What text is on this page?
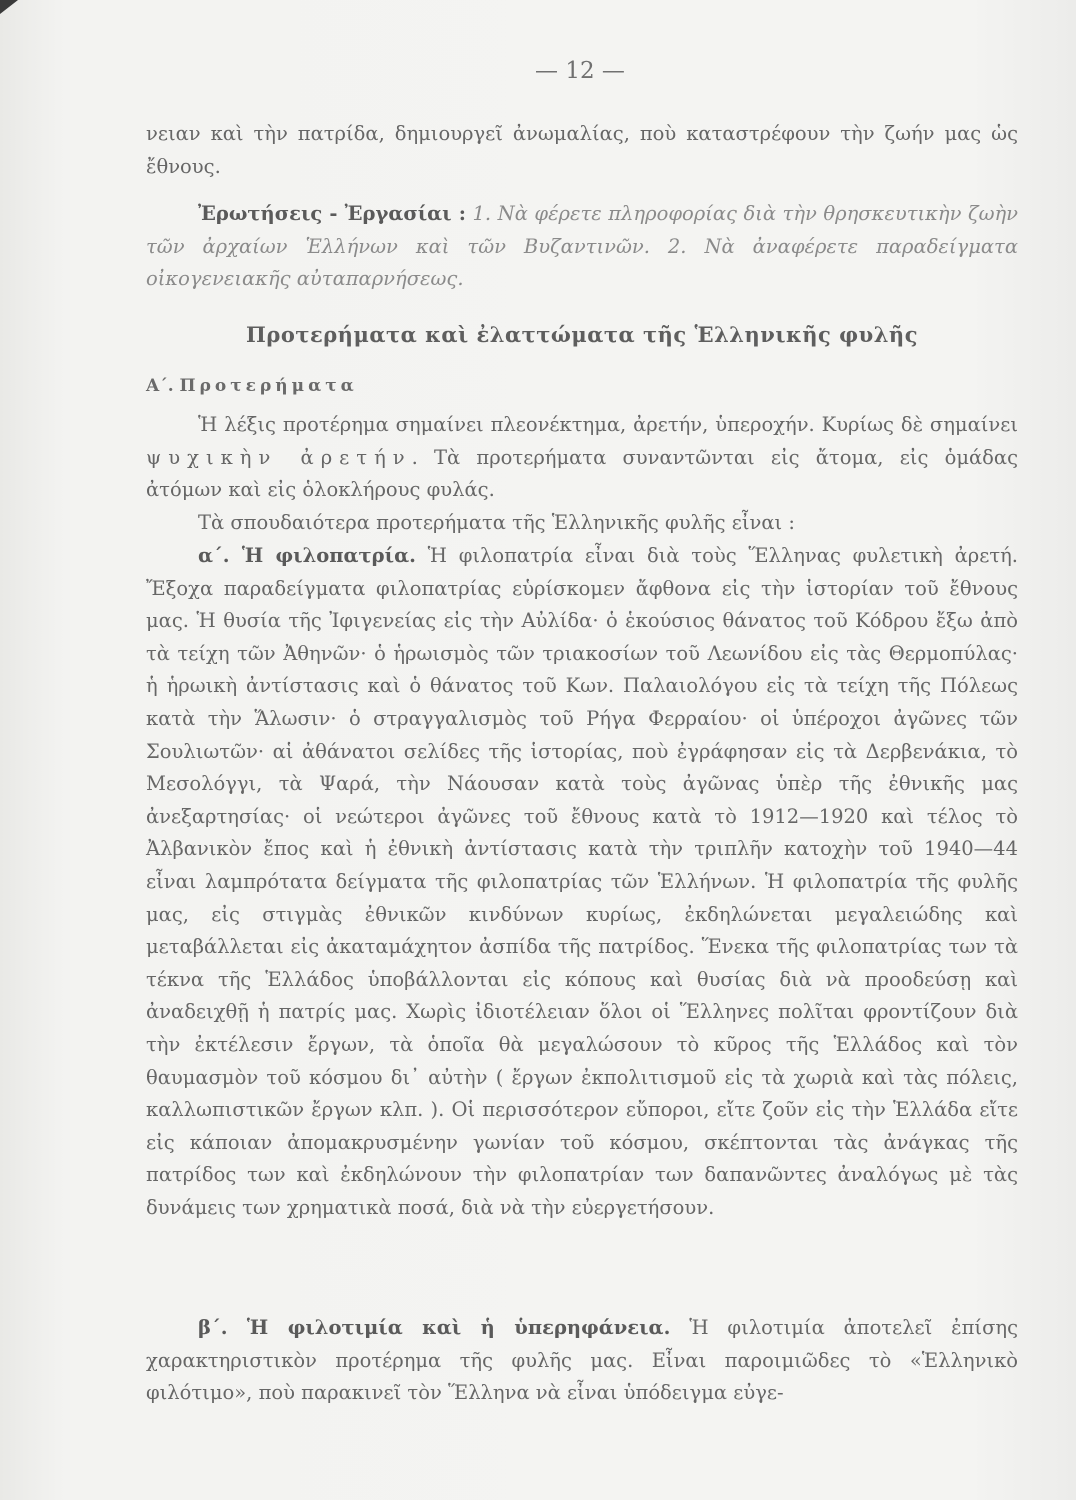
— 12 —

νειαν καὶ τὴν πατρίδα, δημιουργεῖ ἀνωμαλίας, ποὺ καταστρέφουν τὴν ζωήν μας ὡς ἔθνους.

Ἐρωτήσεις - Ἐργασίαι : 1. Νὰ φέρετε πληροφορίας διὰ τὴν θρησκευτικὴν ζωὴν τῶν ἀρχαίων Ἑλλήνων καὶ τῶν Βυζαντινῶν. 2. Νὰ ἀναφέρετε παραδείγματα οἰκογενειακῆς αὐταπαρνήσεως.

Προτερήματα καὶ ἐλαττώματα τῆς Ἑλληνικῆς φυλῆς
Α΄. Προτερήματα

Ἡ λέξις προτέρημα σημαίνει πλεονέκτημα, ἀρετήν, ὑπεροχήν. Κυρίως δὲ σημαίνει ψυχικὴν ἀρετήν. Τὰ προτερήματα συναντῶνται εἰς ἄτομα, εἰς ὁμάδας ἀτόμων καὶ εἰς ὁλοκλήρους φυλάς.

Τὰ σπουδαιότερα προτερήματα τῆς Ἑλληνικῆς φυλῆς εἶναι :

α΄. Ἡ φιλοπατρία. Ἡ φιλοπατρία εἶναι διὰ τοὺς Ἕλληνας φυλετικὴ ἀρετή. Ἔξοχα παραδείγματα φιλοπατρίας εὑρίσκομεν ἄφθονα εἰς τὴν ἱστορίαν τοῦ ἔθνους μας. Ἡ θυσία τῆς Ἰφιγενείας εἰς τὴν Αὐλίδα· ὁ ἑκούσιος θάνατος τοῦ Κόδρου ἔξω ἀπὸ τὰ τείχη τῶν Ἀθηνῶν· ὁ ἡρωισμὸς τῶν τριακοσίων τοῦ Λεωνίδου εἰς τὰς Θερμοπύλας· ἡ ἡρωικὴ ἀντίστασις καὶ ὁ θάνατος τοῦ Κων. Παλαιολόγου εἰς τὰ τείχη τῆς Πόλεως κατὰ τὴν Ἅλωσιν· ὁ στραγγαλισμὸς τοῦ Ρήγα Φερραίου· οἱ ὑπέροχοι ἀγῶνες τῶν Σουλιωτῶν· αἱ ἀθάνατοι σελίδες τῆς ἱστορίας, ποὺ ἐγράφησαν εἰς τὰ Δερβενάκια, τὸ Μεσολόγγι, τὰ Ψαρά, τὴν Νάουσαν κατὰ τοὺς ἀγῶνας ὑπὲρ τῆς ἐθνικῆς μας ἀνεξαρτησίας· οἱ νεώτεροι ἀγῶνες τοῦ ἔθνους κατὰ τὸ 1912—1920 καὶ τέλος τὸ Ἀλβανικὸν ἔπος καὶ ἡ ἐθνικὴ ἀντίστασις κατὰ τὴν τριπλῆν κατοχὴν τοῦ 1940—44 εἶναι λαμπρότατα δείγματα τῆς φιλοπατρίας τῶν Ἑλλήνων. Ἡ φιλοπατρία τῆς φυλῆς μας, εἰς στιγμὰς ἐθνικῶν κινδύνων κυρίως, ἐκδηλώνεται μεγαλειώδης καὶ μεταβάλλεται εἰς ἀκαταμάχητον ἀσπίδα τῆς πατρίδος. Ἕνεκα τῆς φιλοπατρίας των τὰ τέκνα τῆς Ἑλλάδος ὑποβάλλονται εἰς κόπους καὶ θυσίας διὰ νὰ προοδεύσῃ καὶ ἀναδειχθῇ ἡ πατρίς μας. Χωρὶς ἰδιοτέλειαν ὅλοι οἱ Ἕλληνες πολῖται φροντίζουν διὰ τὴν ἐκτέλεσιν ἔργων, τὰ ὁποῖα θὰ μεγαλώσουν τὸ κῦρος τῆς Ἑλλάδος καὶ τὸν θαυμασμὸν τοῦ κόσμου δι᾽ αὐτὴν ( ἔργων ἐκπολιτισμοῦ εἰς τὰ χωριὰ καὶ τὰς πόλεις, καλλωπιστικῶν ἔργων κλπ. ). Οἱ περισσότερον εὔποροι, εἴτε ζοῦν εἰς τὴν Ἑλλάδα εἴτε εἰς κάποιαν ἀπομακρυσμένην γωνίαν τοῦ κόσμου, σκέπτονται τὰς ἀνάγκας τῆς πατρίδος των καὶ ἐκδηλώνουν τὴν φιλοπατρίαν των δαπανῶντες ἀναλόγως μὲ τὰς δυνάμεις των χρηματικὰ ποσά, διὰ νὰ τὴν εὐεργετήσουν.

β΄. Ἡ φιλοτιμία καὶ ἡ ὑπερηφάνεια. Ἡ φιλοτιμία ἀποτελεῖ ἐπίσης χαρακτηριστικὸν προτέρημα τῆς φυλῆς μας. Εἶναι παροιμιῶδες τὸ «Ἑλληνικὸ φιλότιμο», ποὺ παρακινεῖ τὸν Ἕλληνα νὰ εἶναι ὑπόδειγμα εὐγε-
